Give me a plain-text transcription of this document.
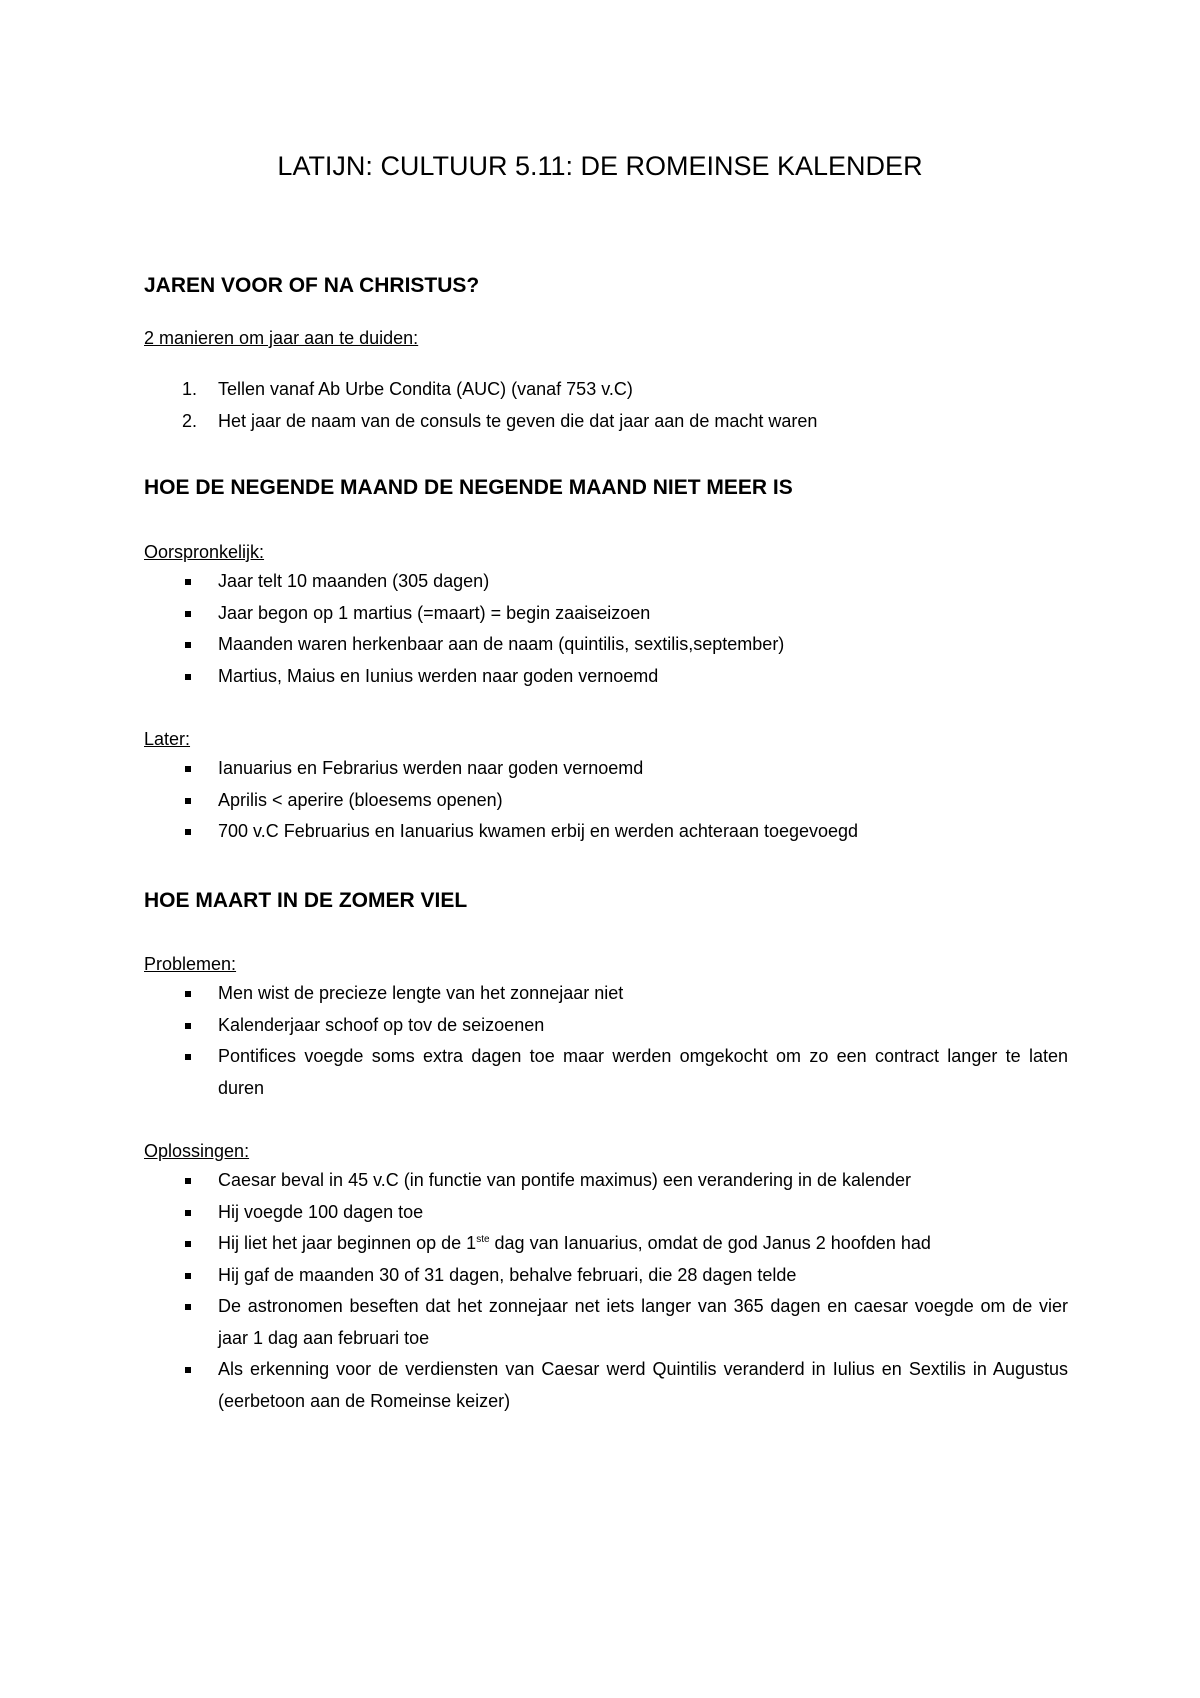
LATIJN: CULTUUR 5.11: DE ROMEINSE KALENDER
JAREN VOOR OF NA CHRISTUS?
2 manieren om jaar aan te duiden:
1. Tellen vanaf Ab Urbe Condita (AUC) (vanaf 753 v.C)
2. Het jaar de naam van de consuls te geven die dat jaar aan de macht waren
HOE DE NEGENDE MAAND DE NEGENDE MAAND NIET MEER IS
Oorspronkelijk:
Jaar telt 10 maanden (305 dagen)
Jaar begon op 1 martius (=maart) = begin zaaiseizoen
Maanden waren herkenbaar aan de naam (quintilis, sextilis,september)
Martius, Maius en Iunius werden naar goden vernoemd
Later:
Ianuarius en Febrarius werden naar goden vernoemd
Aprilis < aperire (bloesems openen)
700 v.C Februarius en Ianuarius kwamen erbij en werden achteraan toegevoegd
HOE MAART IN DE ZOMER VIEL
Problemen:
Men wist de precieze lengte van het zonnejaar niet
Kalenderjaar schoof op tov de seizoenen
Pontifices voegde soms extra dagen toe maar werden omgekocht om zo een contract langer te laten duren
Oplossingen:
Caesar beval in 45 v.C (in functie van pontife maximus) een verandering in de kalender
Hij voegde 100 dagen toe
Hij liet het jaar beginnen op de 1ste dag van Ianuarius, omdat de god Janus 2 hoofden had
Hij gaf de maanden 30 of 31 dagen, behalve februari, die 28 dagen telde
De astronomen beseften dat het zonnejaar net iets langer van 365 dagen en caesar voegde om de vier jaar 1 dag aan februari toe
Als erkenning voor de verdiensten van Caesar werd Quintilis veranderd in Iulius en Sextilis in Augustus (eerbetoon aan de Romeinse keizer)
